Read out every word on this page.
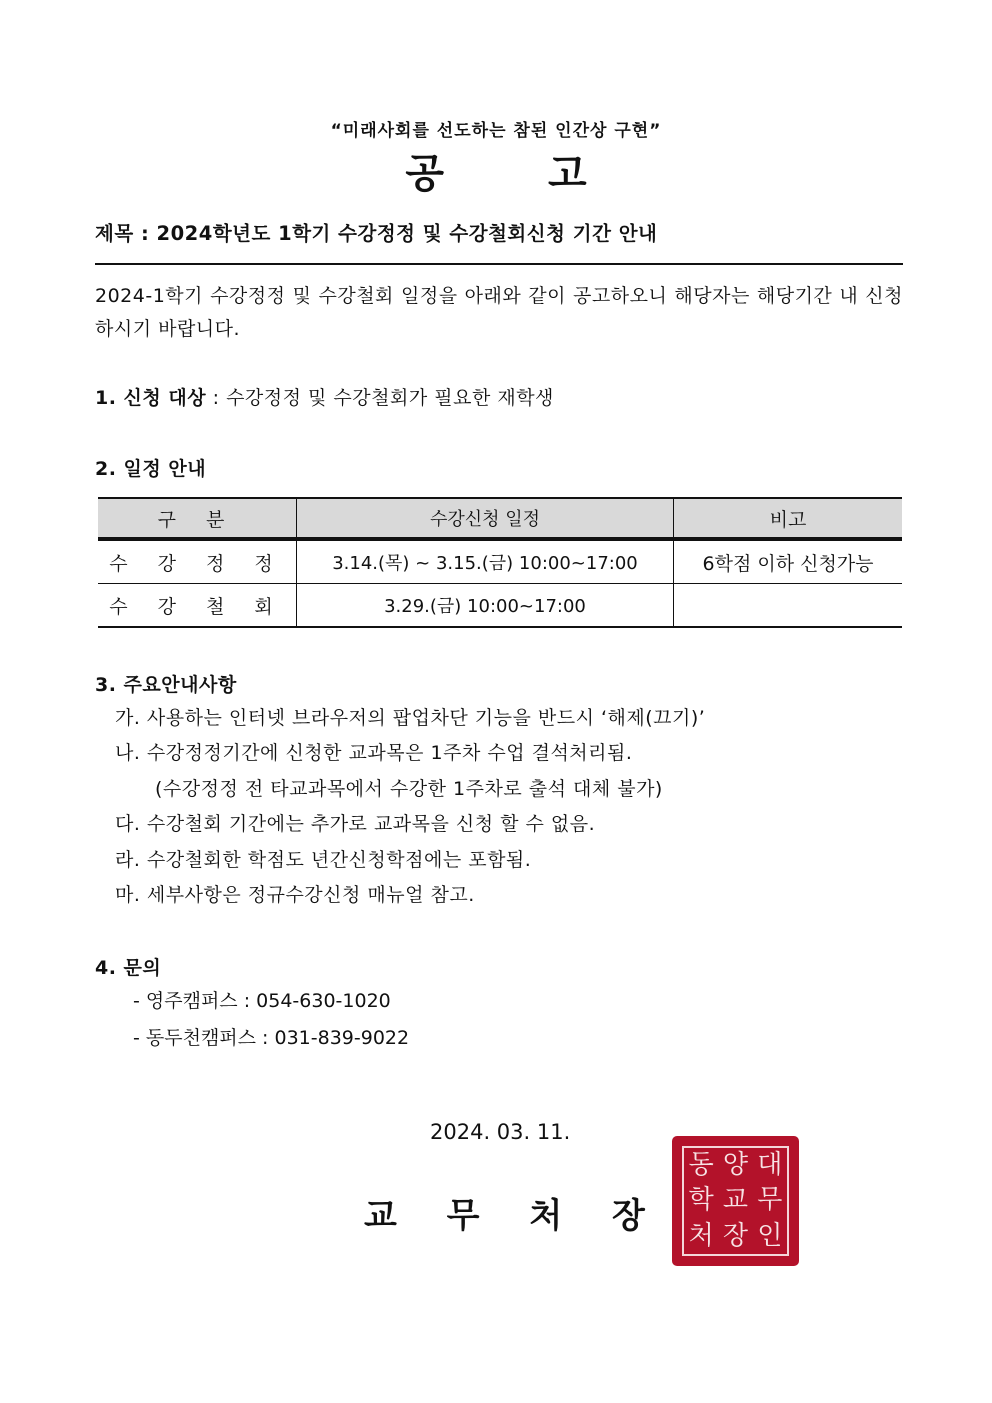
“미래사회를 선도하는 참된 인간상 구현”
공 고
제목 : 2024학년도 1학기 수강정정 및 수강철회신청 기간 안내
2024-1학기 수강정정 및 수강철회 일정을 아래와 같이 공고하오니 해당자는 해당기간 내 신청 하시기 바랍니다.
1. 신청 대상 : 수강정정 및 수강철회가 필요한 재학생
2. 일정 안내
구 분	수강신청 일정	비고
수 강 정 정	3.14.(목) ~ 3.15.(금) 10:00~17:00	6학점 이하 신청가능
수 강 철 회	3.29.(금) 10:00~17:00	
3. 주요안내사항
가. 사용하는 인터넷 브라우저의 팝업차단 기능을 반드시 ‘해제(끄기)’
나. 수강정정기간에 신청한 교과목은 1주차 수업 결석처리됨.
(수강정정 전 타교과목에서 수강한 1주차로 출석 대체 불가)
다. 수강철회 기간에는 추가로 교과목을 신청 할 수 없음.
라. 수강철회한 학점도 년간신청학점에는 포함됨.
마. 세부사항은 정규수강신청 매뉴얼 참고.
4. 문의
- 영주캠퍼스 : 054-630-1020
- 동두천캠퍼스 : 031-839-9022
2024. 03. 11.
교 무 처 장
동 양 대
학 교 무
처 장 인
